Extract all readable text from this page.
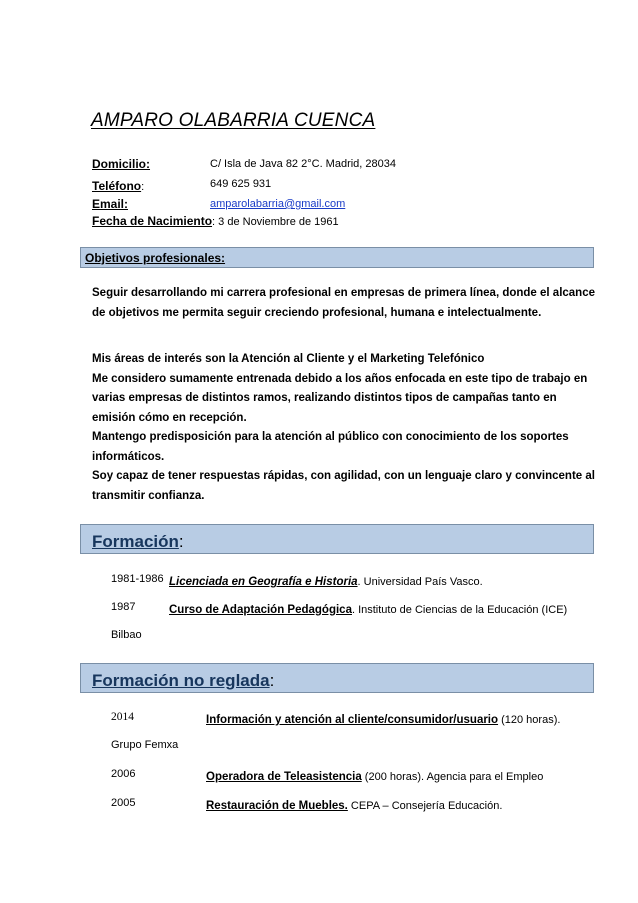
AMPARO OLABARRIA CUENCA
Domicilio:	C/ Isla de Java 82 2°C. Madrid, 28034
Teléfono:	649 625 931
Email:	amparolabarria@gmail.com
Fecha de Nacimiento: 3 de Noviembre de 1961
Objetivos profesionales:

Seguir desarrollando mi carrera profesional en empresas de primera línea, donde el alcance de objetivos me permita seguir creciendo profesional, humana e intelectualmente.

Mis áreas de interés son la Atención al Cliente y el Marketing Telefónico

Me considero sumamente entrenada debido a los años enfocada en este tipo de trabajo en varias empresas de distintos ramos, realizando distintos tipos de campañas tanto en emisión cómo en recepción.

Mantengo predisposición para la atención al público con conocimiento de los soportes informáticos.

Soy capaz de tener respuestas rápidas, con agilidad, con un lenguaje claro y convincente al transmitir confianza.

Formación:
1981-1986 Licenciada en Geografía e Historia. Universidad País Vasco.
1987	Curso de Adaptación Pedagógica. Instituto de Ciencias de la Educación (ICE)
Bilbao
Formación no reglada:
2014	Información y atención al cliente/consumidor/usuario (120 horas).
Grupo Femxa
2006	Operadora de Teleasistencia (200 horas). Agencia para el Empleo
2005	Restauración de Muebles. CEPA – Consejería Educación.
